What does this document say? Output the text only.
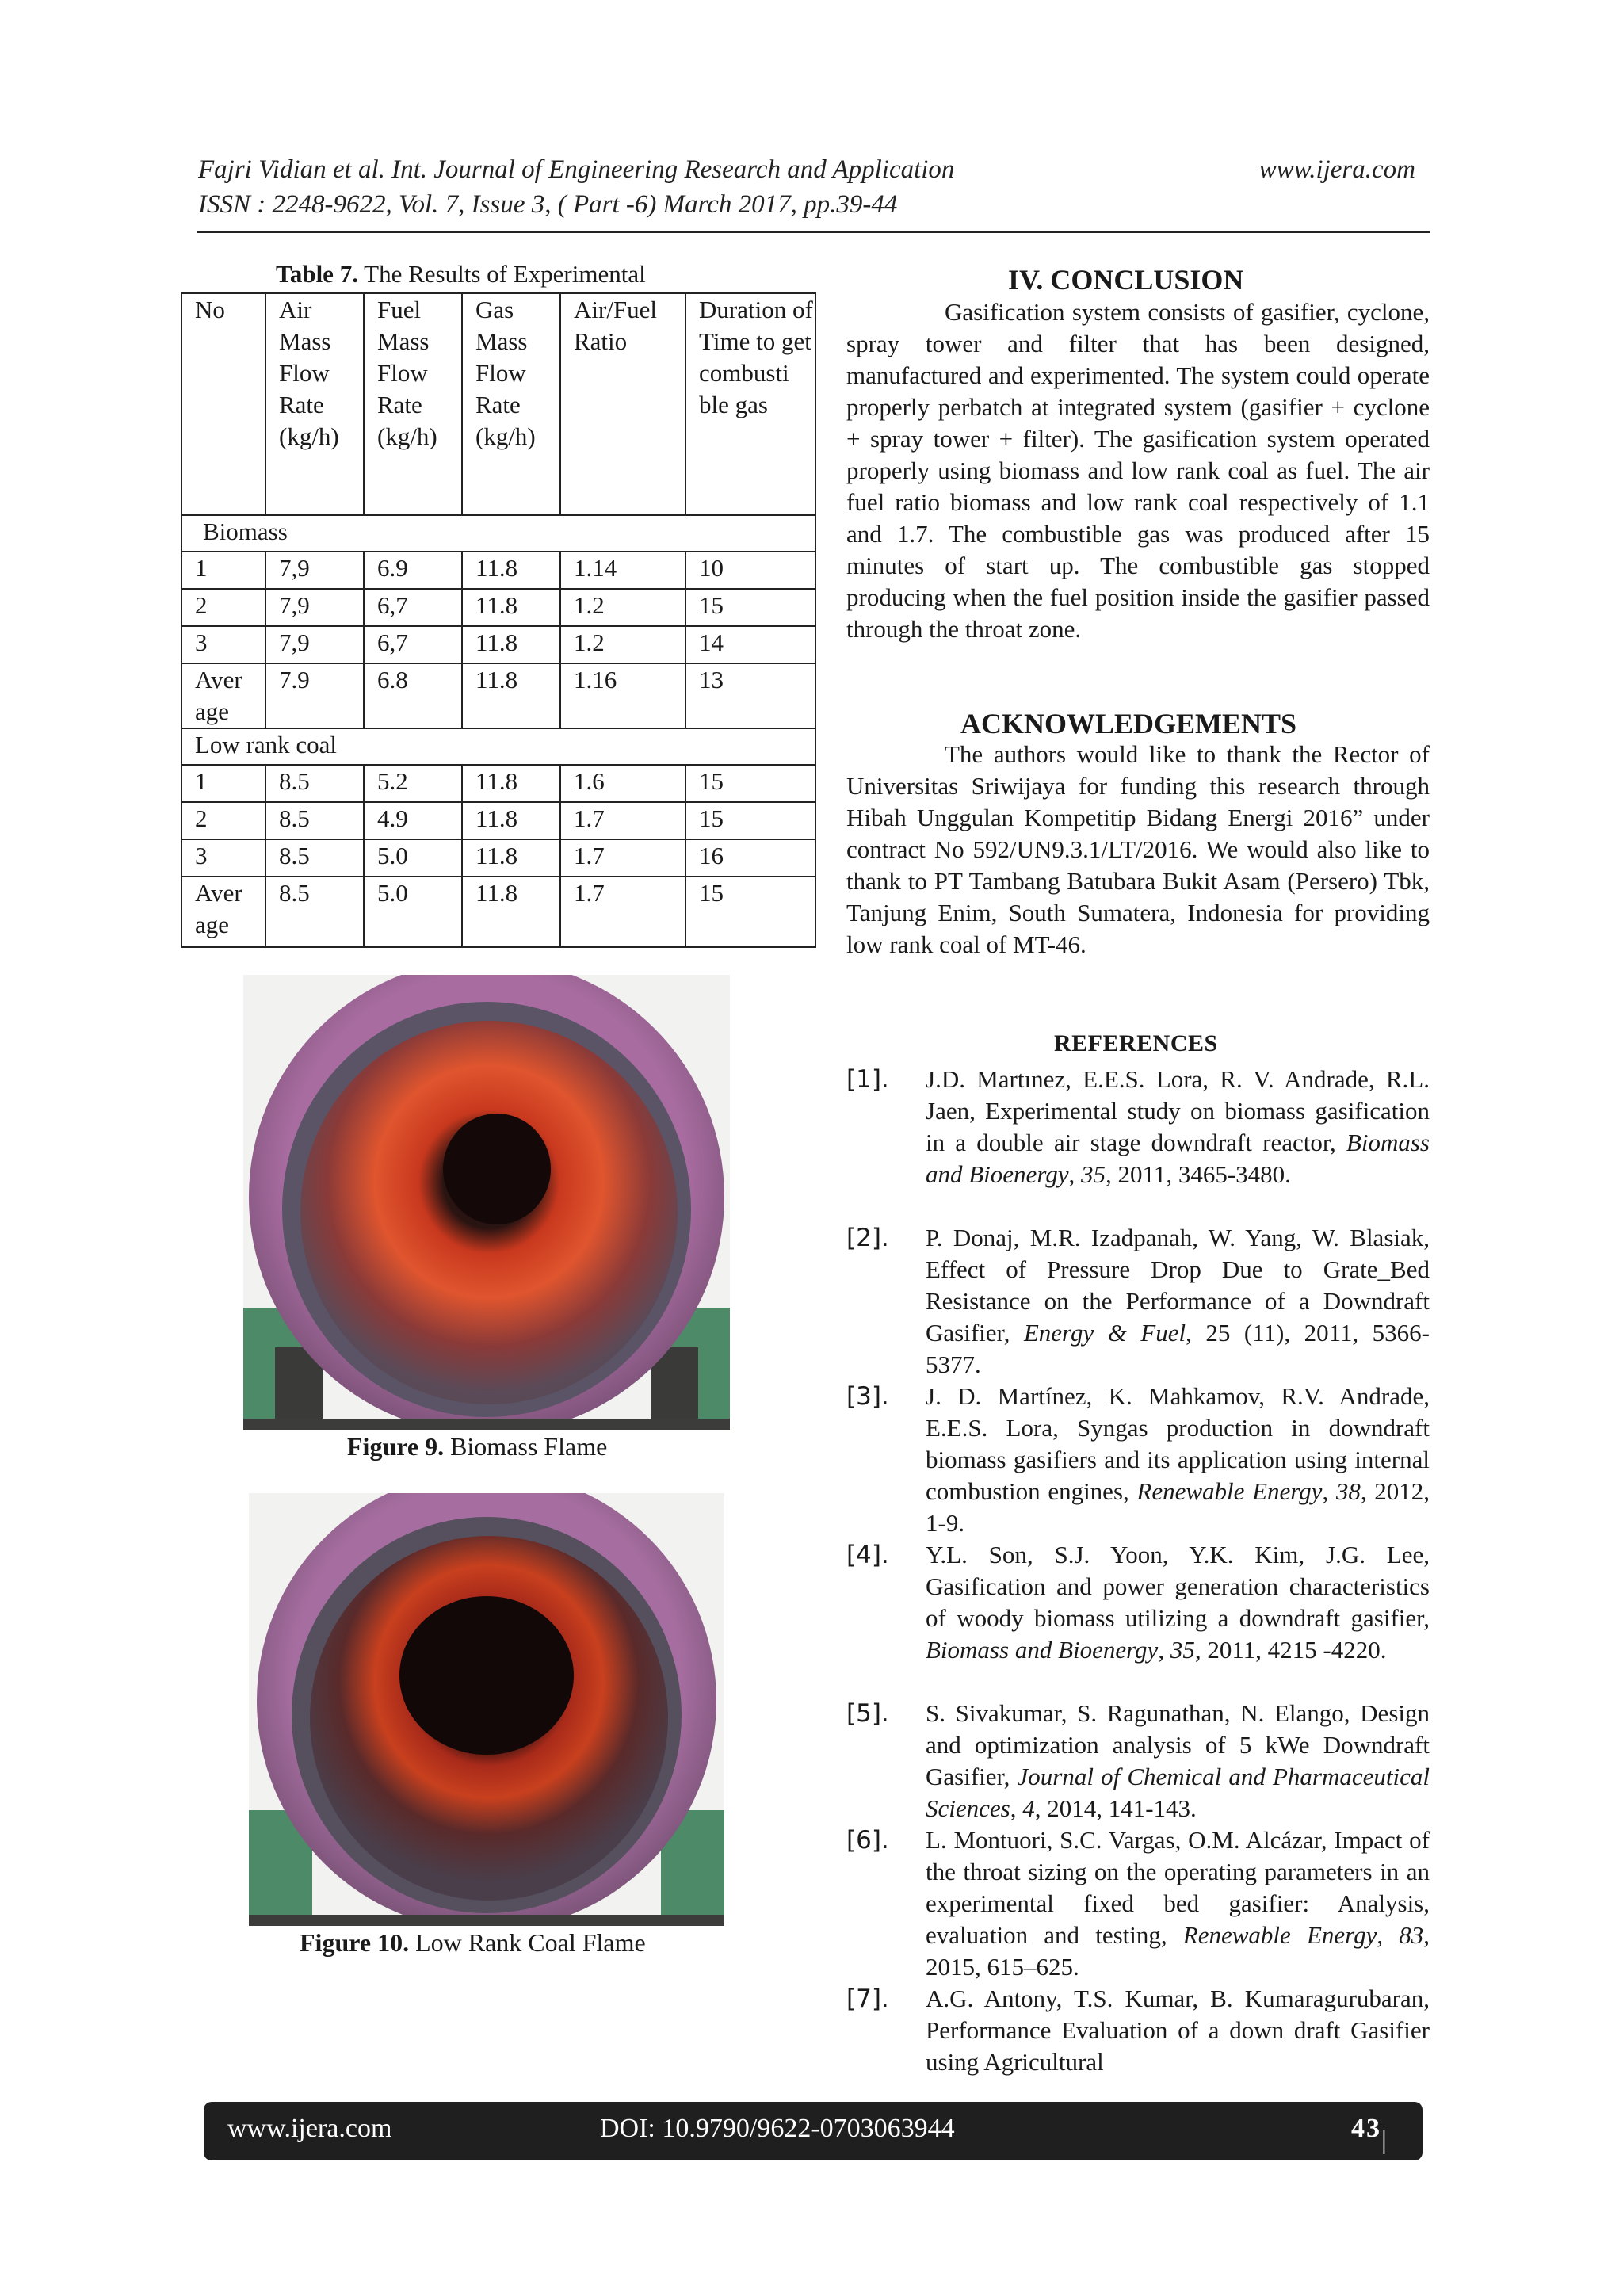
Fajri Vidian et al. Int. Journal of Engineering Research and Application	www.ijera.com
ISSN : 2248-9622, Vol. 7, Issue 3, ( Part -6) March 2017, pp.39-44
Table 7. The Results of Experimental
No	Air Mass Flow Rate (kg/h)	Fuel Mass Flow Rate (kg/h)	Gas Mass Flow Rate (kg/h)	Air/Fuel Ratio	Duration of Time to get combusti ble gas
Biomass					
1	7,9	6.9	11.8	1.14	10
2	7,9	6,7	11.8	1.2	15
3	7,9	6,7	11.8	1.2	14
Aver age	7.9	6.8	11.8	1.16	13
Low rank coal					
1	8.5	5.2	11.8	1.6	15
2	8.5	4.9	11.8	1.7	15
3	8.5	5.0	11.8	1.7	16
Aver age	8.5	5.0	11.8	1.7	15
Figure 9. Biomass Flame
Figure 10. Low Rank Coal Flame
IV. CONCLUSION
Gasification system consists of gasifier, cyclone, spray tower and filter that has been designed, manufactured and experimented. The system could operate properly perbatch at integrated system (gasifier + cyclone + spray tower + filter). The gasification system operated properly using biomass and low rank coal as fuel. The air fuel ratio biomass and low rank coal respectively of 1.1 and 1.7. The combustible gas was produced after 15 minutes of start up. The combustible gas stopped producing when the fuel position inside the gasifier passed through the throat zone.
ACKNOWLEDGEMENTS
The authors would like to thank the Rector of Universitas Sriwijaya for funding this research through Hibah Unggulan Kompetitip Bidang Energi 2016” under contract No 592/UN9.3.1/LT/2016. We would also like to thank to PT Tambang Batubara Bukit Asam (Persero) Tbk, Tanjung Enim, South Sumatera, Indonesia for providing low rank coal of MT-46.
REFERENCES
[1]. J.D. Martınez, E.E.S. Lora, R. V. Andrade, R.L. Jaen, Experimental study on biomass gasification in a double air stage downdraft reactor, Biomass and Bioenergy, 35, 2011, 3465-3480.
[2]. P. Donaj, M.R. Izadpanah, W. Yang, W. Blasiak, Effect of Pressure Drop Due to Grate_Bed Resistance on the Performance of a Downdraft Gasifier, Energy & Fuel, 25 (11), 2011, 5366-5377.
[3]. J. D. Martínez, K. Mahkamov, R.V. Andrade, E.E.S. Lora, Syngas production in downdraft biomass gasifiers and its application using internal combustion engines, Renewable Energy, 38, 2012, 1-9.
[4]. Y.L. Son, S.J. Yoon, Y.K. Kim, J.G. Lee, Gasification and power generation characteristics of woody biomass utilizing a downdraft gasifier, Biomass and Bioenergy, 35, 2011, 4215 -4220.
[5]. S. Sivakumar, S. Ragunathan, N. Elango, Design and optimization analysis of 5 kWe Downdraft Gasifier, Journal of Chemical and Pharmaceutical Sciences, 4, 2014, 141-143.
[6]. L. Montuori, S.C. Vargas, O.M. Alcázar, Impact of the throat sizing on the operating parameters in an experimental fixed bed gasifier: Analysis, evaluation and testing, Renewable Energy, 83, 2015, 615–625.
[7]. A.G. Antony, T.S. Kumar, B. Kumaragurubaran, Performance Evaluation of a down draft Gasifier using Agricultural
www.ijera.com	DOI: 10.9790/9622-0703063944	43 | P a g e
